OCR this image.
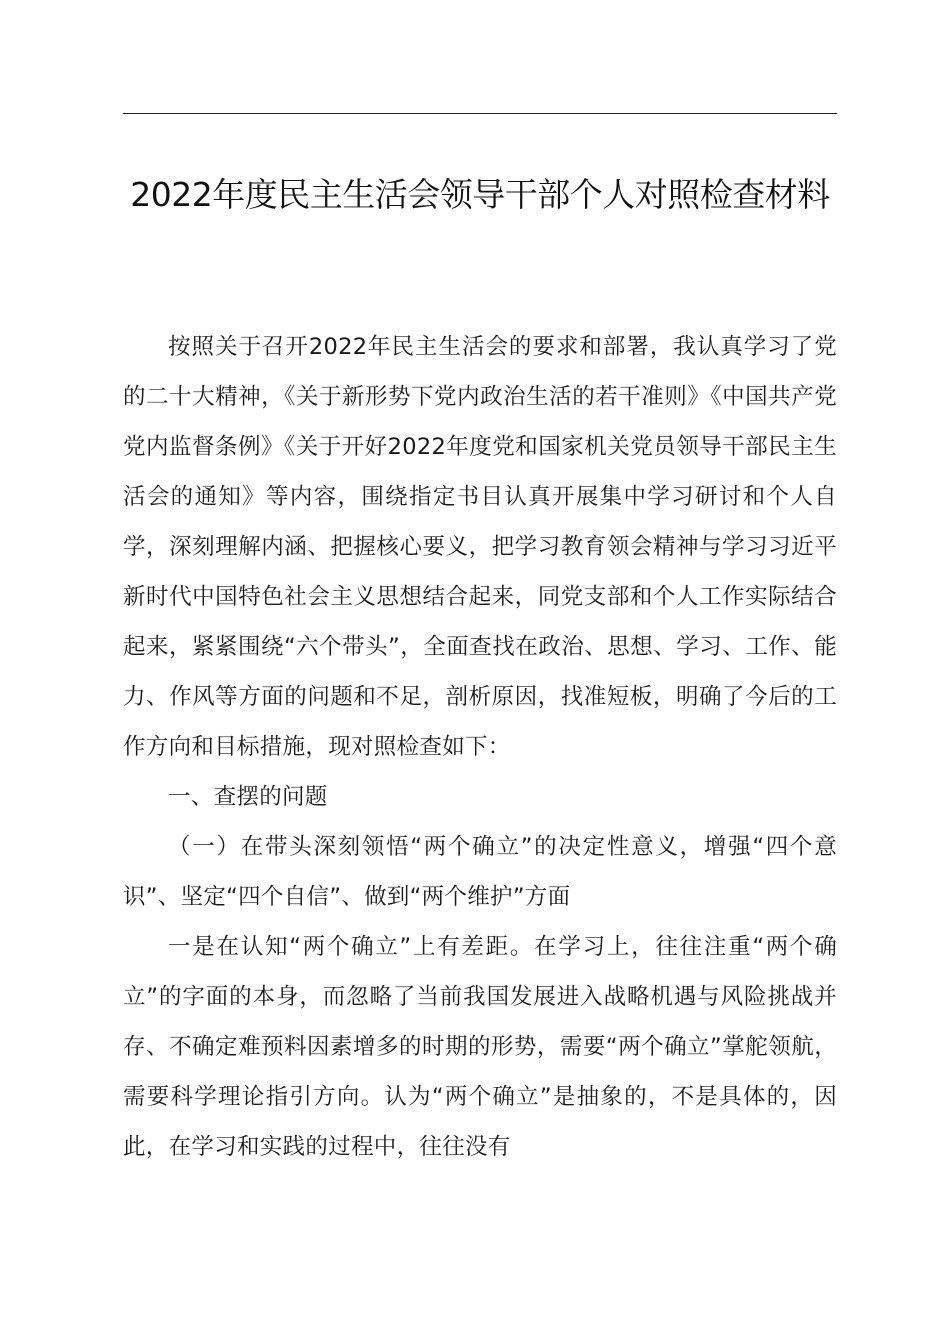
2022年度民主生活会领导干部个人对照检查材料

按照关于召开2022年民主生活会的要求和部署，我认真学习了党的二十大精神，《关于新形势下党内政治生活的若干准则》《中国共产党党内监督条例》《关于开好2022年度党和国家机关党员领导干部民主生活会的通知》等内容，围绕指定书目认真开展集中学习研讨和个人自学，深刻理解内涵、把握核心要义，把学习教育领会精神与学习习近平新时代中国特色社会主义思想结合起来，同党支部和个人工作实际结合起来，紧紧围绕“六个带头”，全面查找在政治、思想、学习、工作、能力、作风等方面的问题和不足，剖析原因，找准短板，明确了今后的工作方向和目标措施，现对照检查如下：

一、查摆的问题

（一）在带头深刻领悟“两个确立”的决定性意义，增强“四个意识”、坚定“四个自信”、做到“两个维护”方面

一是在认知“两个确立”上有差距。在学习上，往往注重“两个确立”的字面的本身，而忽略了当前我国发展进入战略机遇与风险挑战并存、不确定难预料因素增多的时期的形势，需要“两个确立”掌舵领航，需要科学理论指引方向。认为“两个确立”是抽象的，不是具体的，因此，在学习和实践的过程中，往往没有
